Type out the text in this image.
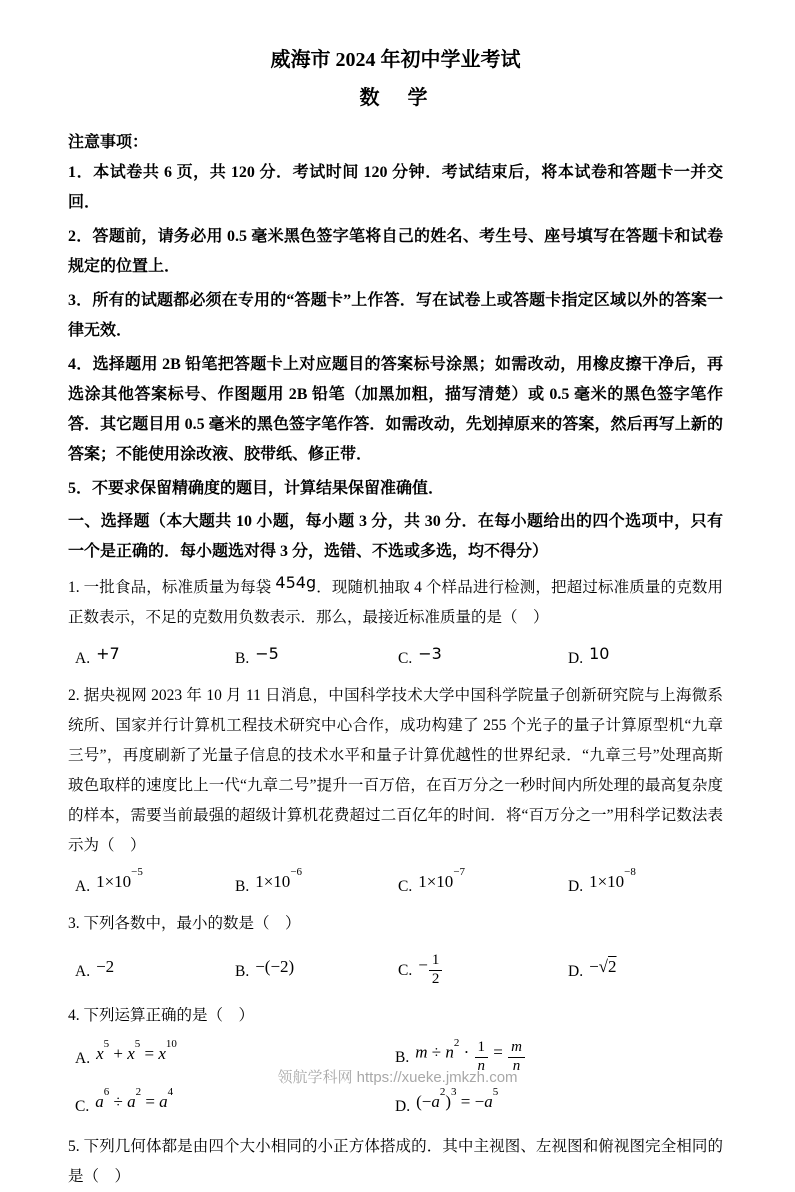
威海市 2024 年初中学业考试
数　学
注意事项：

1．本试卷共 6 页，共 120 分．考试时间 120 分钟．考试结束后，将本试卷和答题卡一并交回．

2．答题前，请务必用 0.5 毫米黑色签字笔将自己的姓名、考生号、座号填写在答题卡和试卷规定的位置上．

3．所有的试题都必须在专用的“答题卡”上作答．写在试卷上或答题卡指定区域以外的答案一律无效．

4．选择题用 2B 铅笔把答题卡上对应题目的答案标号涂黑；如需改动，用橡皮擦干净后，再选涂其他答案标号、作图题用 2B 铅笔（加黑加粗，描写清楚）或 0.5 毫米的黑色签字笔作答．其它题目用 0.5 毫米的黑色签字笔作答．如需改动，先划掉原来的答案，然后再写上新的答案；不能使用涂改液、胶带纸、修正带．

5．不要求保留精确度的题目，计算结果保留准确值．

一、选择题（本大题共 10 小题，每小题 3 分，共 30 分．在每小题给出的四个选项中，只有一个是正确的．每小题选对得 3 分，选错、不选或多选，均不得分）

1. 一批食品，标准质量为每袋 454g．现随机抽取 4 个样品进行检测，把超过标准质量的克数用正数表示，不足的克数用负数表示．那么，最接近标准质量的是（　）

A. +7	B. −5	C. −3	D. 10

2. 据央视网 2023 年 10 月 11 日消息，中国科学技术大学中国科学院量子创新研究院与上海微系统所、国家并行计算机工程技术研究中心合作，成功构建了 255 个光子的量子计算原型机“九章三号”，再度刷新了光量子信息的技术水平和量子计算优越性的世界纪录．“九章三号”处理高斯玻色取样的速度比上一代“九章二号”提升一百万倍，在百万分之一秒时间内所处理的最高复杂度的样本，需要当前最强的超级计算机花费超过二百亿年的时间．将“百万分之一”用科学记数法表示为（　）

A. $1\times 10^{-5}$
B. $1\times 10^{-6}$
C. $1\times 10^{-7}$
D. $1\times 10^{-8}$

3. 下列各数中，最小的数是（　）

A. −2	B. −(−2)	C. − $\frac{1}{2}$	D. −√2

4. 下列运算正确的是（　）

A. $x^5 + x^5 = x^{10}$
B. $m \div n^2 \cdot \frac{1}{n} = \frac{m}{n}$
C. $a^6 \div a^2 = a^4$
D. $(-a^2)^3 = -a^5$

5. 下列几何体都是由四个大小相同的小正方体搭成的．其中主视图、左视图和俯视图完全相同的是（　）

领航学科网 https://xueke.jmkzh.com
